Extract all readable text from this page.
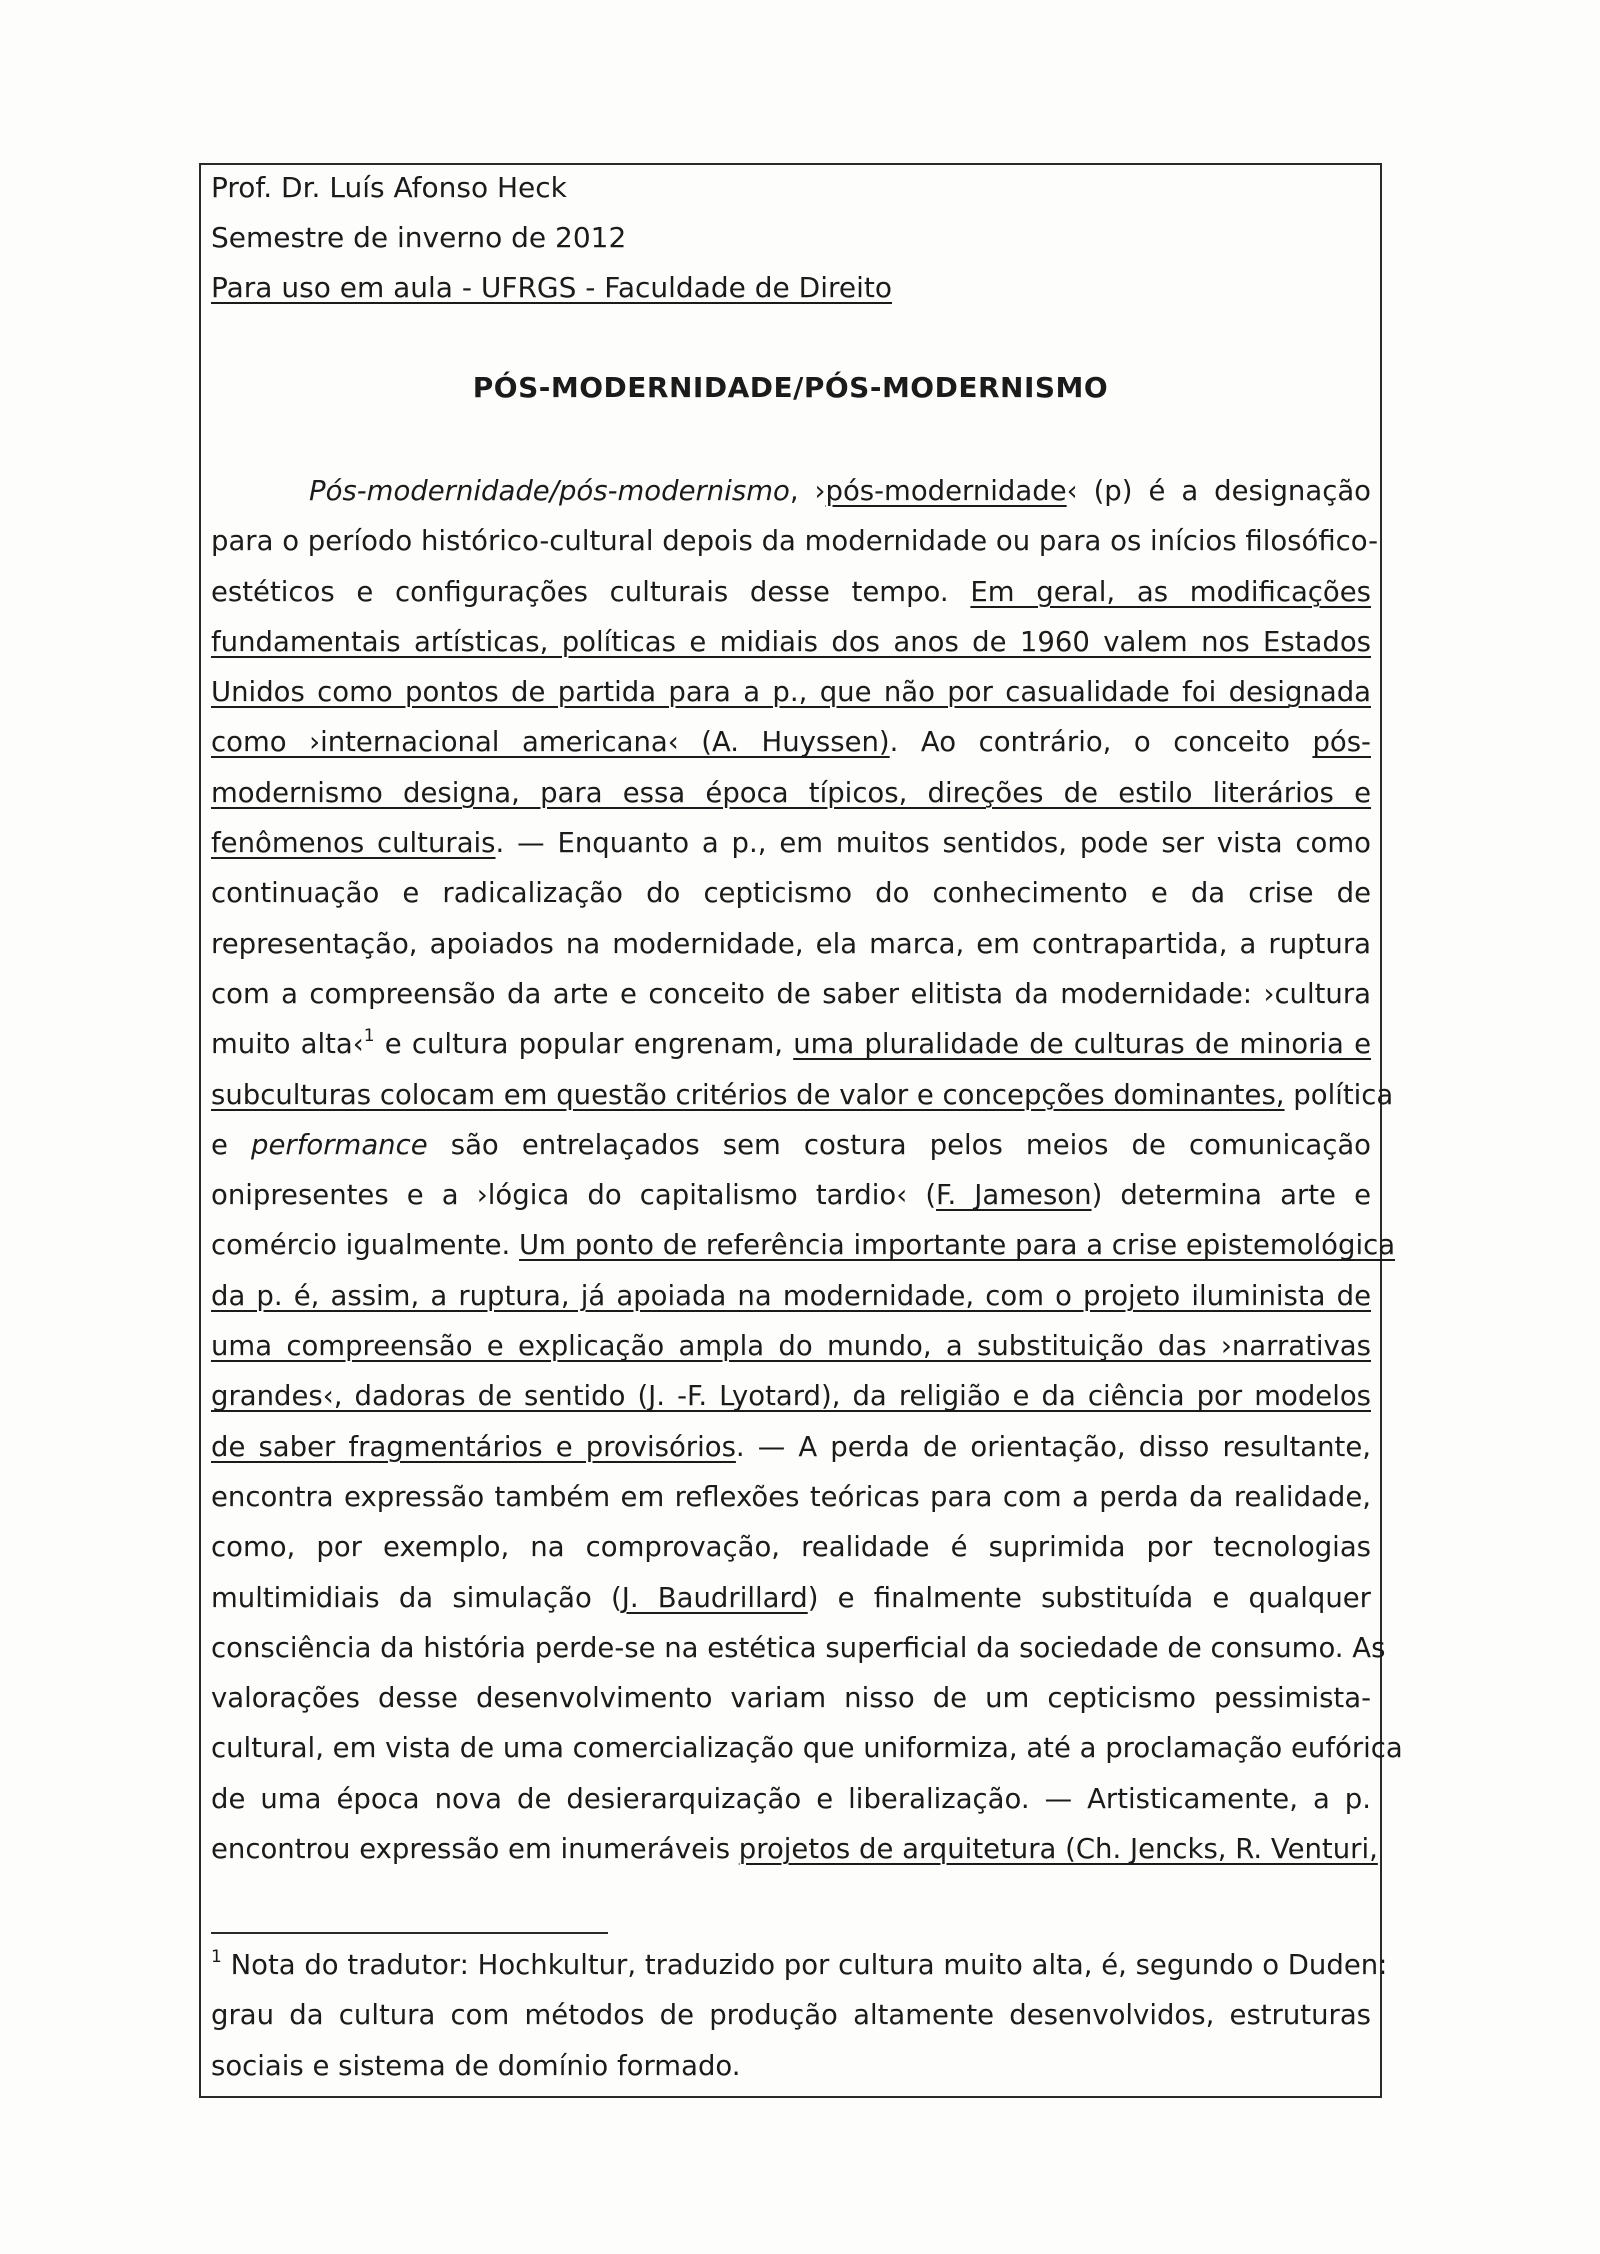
Prof. Dr. Luís Afonso Heck
Semestre de inverno de 2012
Para uso em aula - UFRGS - Faculdade de Direito
PÓS-MODERNIDADE/PÓS-MODERNISMO
Pós-modernidade/pós-modernismo, ›pós-modernidade‹ (p) é a designação
para o período histórico-cultural depois da modernidade ou para os inícios filosófico-
estéticos e configurações culturais desse tempo. Em geral, as modificações
fundamentais artísticas, políticas e midiais dos anos de 1960 valem nos Estados
Unidos como pontos de partida para a p., que não por casualidade foi designada
como ›internacional americana‹ (A. Huyssen). Ao contrário, o conceito pós-
modernismo designa, para essa época típicos, direções de estilo literários e
fenômenos culturais. — Enquanto a p., em muitos sentidos, pode ser vista como
continuação e radicalização do cepticismo do conhecimento e da crise de
representação, apoiados na modernidade, ela marca, em contrapartida, a ruptura
com a compreensão da arte e conceito de saber elitista da modernidade: ›cultura
muito alta‹$^1$ e cultura popular engrenam, uma pluralidade de culturas de minoria e
subculturas colocam em questão critérios de valor e concepções dominantes, política
e performance são entrelaçados sem costura pelos meios de comunicação
onipresentes e a ›lógica do capitalismo tardio‹ (F. Jameson) determina arte e
comércio igualmente. Um ponto de referência importante para a crise epistemológica
da p. é, assim, a ruptura, já apoiada na modernidade, com o projeto iluminista de
uma compreensão e explicação ampla do mundo, a substituição das ›narrativas
grandes‹, dadoras de sentido (J. -F. Lyotard), da religião e da ciência por modelos
de saber fragmentários e provisórios. — A perda de orientação, disso resultante,
encontra expressão também em reflexões teóricas para com a perda da realidade,
como, por exemplo, na comprovação, realidade é suprimida por tecnologias
multimidiais da simulação (J. Baudrillard) e finalmente substituída e qualquer
consciência da história perde-se na estética superficial da sociedade de consumo. As
valorações desse desenvolvimento variam nisso de um cepticismo pessimista-
cultural, em vista de uma comercialização que uniformiza, até a proclamação eufórica
de uma época nova de desierarquização e liberalização. — Artisticamente, a p.
encontrou expressão em inumeráveis projetos de arquitetura (Ch. Jencks, R. Venturi,
$^1$ Nota do tradutor: Hochkultur, traduzido por cultura muito alta, é, segundo o Duden:
grau da cultura com métodos de produção altamente desenvolvidos, estruturas
sociais e sistema de domínio formado.
